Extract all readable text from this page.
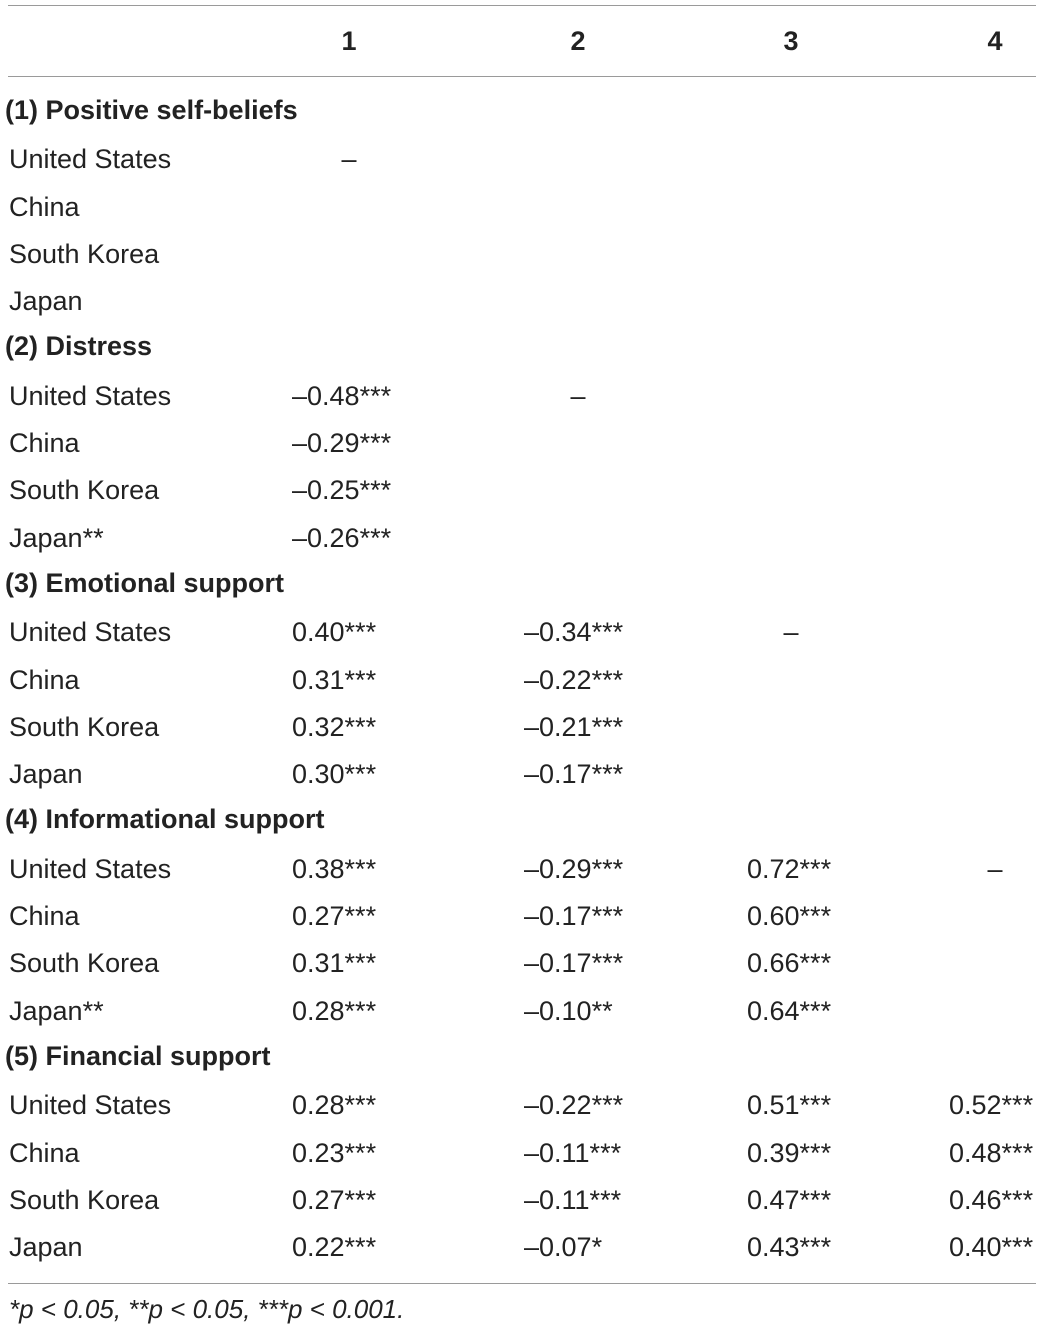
1	2	3	4
(1) Positive self-beliefs
United States	–
China
South Korea
Japan
(2) Distress
United States	–0.48***	–
China	–0.29***
South Korea	–0.25***
Japan**	–0.26***
(3) Emotional support
United States	0.40***	–0.34***	–
China	0.31***	–0.22***
South Korea	0.32***	–0.21***
Japan	0.30***	–0.17***
(4) Informational support
United States	0.38***	–0.29***	0.72***	–
China	0.27***	–0.17***	0.60***
South Korea	0.31***	–0.17***	0.66***
Japan**	0.28***	–0.10**	0.64***
(5) Financial support
United States	0.28***	–0.22***	0.51***	0.52***
China	0.23***	–0.11***	0.39***	0.48***
South Korea	0.27***	–0.11***	0.47***	0.46***
Japan	0.22***	–0.07*	0.43***	0.40***
*p < 0.05, **p < 0.05, ***p < 0.001.
